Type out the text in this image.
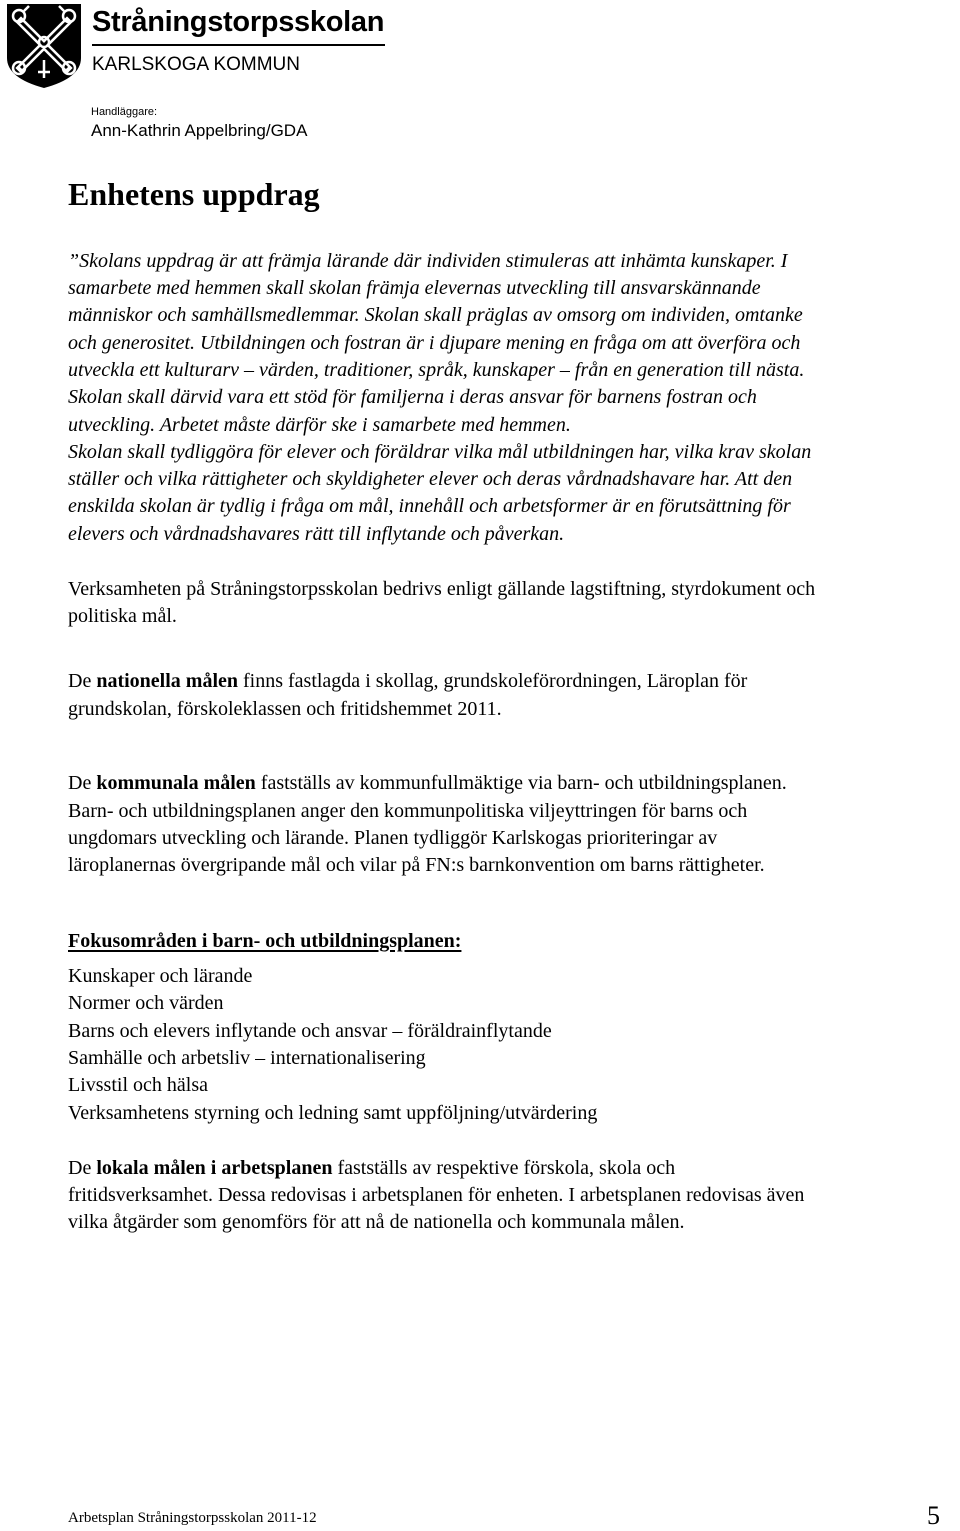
Stråningstorpsskolan
KARLSKOGA KOMMUN
Handläggare:
Ann-Kathrin Appelbring/GDA
Enhetens uppdrag
”Skolans uppdrag är att främja lärande där individen stimuleras att inhämta kunskaper. I
samarbete med hemmen skall skolan främja elevernas utveckling till ansvarskännande
människor och samhällsmedlemmar. Skolan skall präglas av omsorg om individen, omtanke
och generositet. Utbildningen och fostran är i djupare mening en fråga om att överföra och
utveckla ett kulturarv – värden, traditioner, språk, kunskaper – från en generation till nästa.
Skolan skall därvid vara ett stöd för familjerna i deras ansvar för barnens fostran och
utveckling. Arbetet måste därför ske i samarbete med hemmen.
Skolan skall tydliggöra för elever och föräldrar vilka mål utbildningen har, vilka krav skolan
ställer och vilka rättigheter och skyldigheter elever och deras vårdnadshavare har. Att den
enskilda skolan är tydlig i fråga om mål, innehåll och arbetsformer är en förutsättning för
elevers och vårdnadshavares rätt till inflytande och påverkan.
Verksamheten på Stråningstorpsskolan bedrivs enligt gällande lagstiftning, styrdokument och
politiska mål.
De nationella målen finns fastlagda i skollag, grundskoleförordningen, Läroplan för
grundskolan, förskoleklassen och fritidshemmet 2011.
De kommunala målen fastställs av kommunfullmäktige via barn- och utbildningsplanen.
Barn- och utbildningsplanen anger den kommunpolitiska viljeyttringen för barns och
ungdomars utveckling och lärande. Planen tydliggör Karlskogas prioriteringar av
läroplanernas övergripande mål och vilar på FN:s barnkonvention om barns rättigheter.
Fokusområden i barn- och utbildningsplanen:
Kunskaper och lärande
Normer och värden
Barns och elevers inflytande och ansvar – föräldrainflytande
Samhälle och arbetsliv – internationalisering
Livsstil och hälsa
Verksamhetens styrning och ledning samt uppföljning/utvärdering
De lokala målen i arbetsplanen fastställs av respektive förskola, skola och
fritidsverksamhet. Dessa redovisas i arbetsplanen för enheten. I arbetsplanen redovisas även
vilka åtgärder som genomförs för att nå de nationella och kommunala målen.
Arbetsplan Stråningstorpsskolan 2011-12	5
